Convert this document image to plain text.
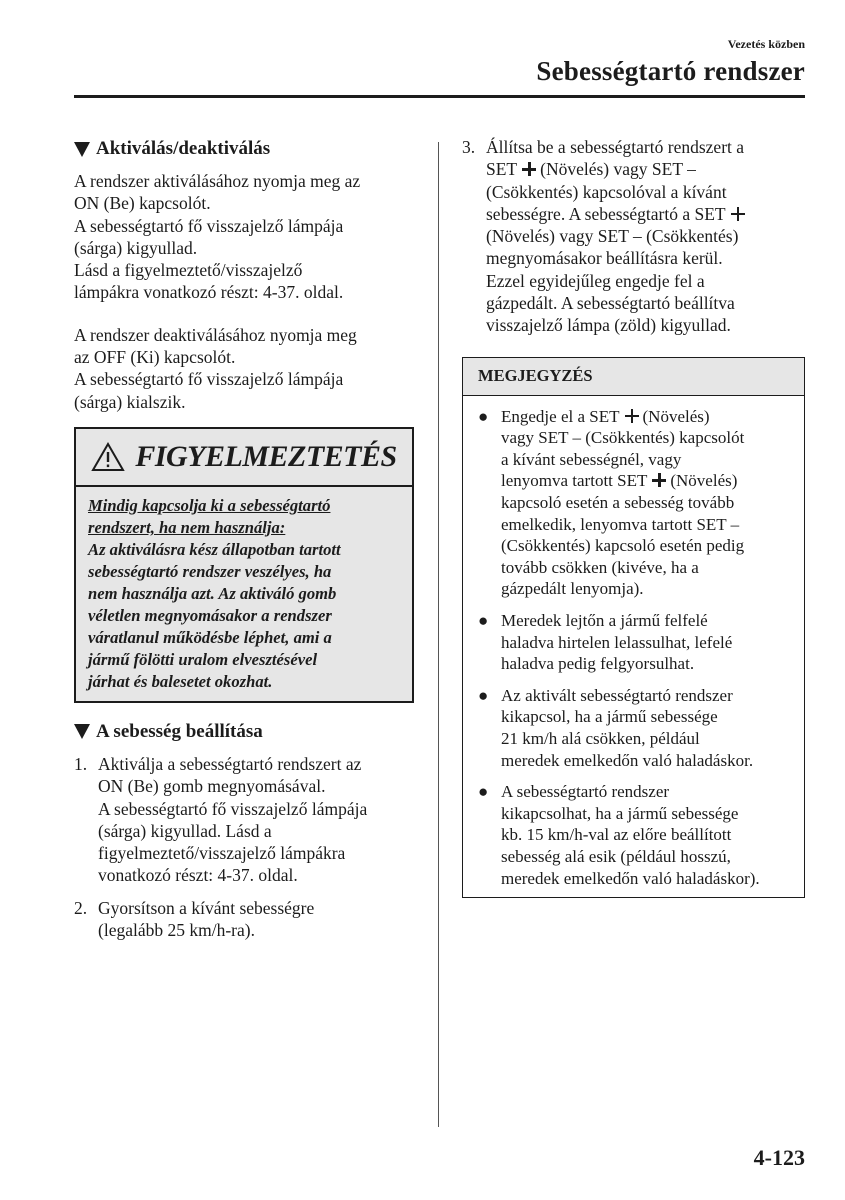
Vezetés közben
Sebességtartó rendszer
Aktiválás/deaktiválás
A rendszer aktiválásához nyomja meg az
ON (Be) kapcsolót.
A sebességtartó fő visszajelző lámpája
(sárga) kigyullad.
Lásd a figyelmeztető/visszajelző
lámpákra vonatkozó részt: 4-37. oldal.
A rendszer deaktiválásához nyomja meg
az OFF (Ki) kapcsolót.
A sebességtartó fő visszajelző lámpája
(sárga) kialszik.
FIGYELMEZTETÉS
Mindig kapcsolja ki a sebességtartó
rendszert, ha nem használja:
Az aktiválásra kész állapotban tartott
sebességtartó rendszer veszélyes, ha
nem használja azt. Az aktiváló gomb
véletlen megnyomásakor a rendszer
váratlanul működésbe léphet, ami a
jármű fölötti uralom elvesztésével
járhat és balesetet okozhat.
A sebesség beállítása
1. Aktiválja a sebességtartó rendszert az
ON (Be) gomb megnyomásával.
A sebességtartó fő visszajelző lámpája
(sárga) kigyullad. Lásd a
figyelmeztető/visszajelző lámpákra
vonatkozó részt: 4-37. oldal.
2. Gyorsítson a kívánt sebességre
(legalább 25 km/h-ra).
3. Állítsa be a sebességtartó rendszert a
SET (Növelés) vagy SET –
(Csökkentés) kapcsolóval a kívánt
sebességre. A sebességtartó a SET
(Növelés) vagy SET – (Csökkentés)
megnyomásakor beállításra kerül.
Ezzel egyidejűleg engedje fel a
gázpedált. A sebességtartó beállítva
visszajelző lámpa (zöld) kigyullad.
MEGJEGYZÉS
● Engedje el a SET (Növelés)
vagy SET – (Csökkentés) kapcsolót
a kívánt sebességnél, vagy
lenyomva tartott SET (Növelés)
kapcsoló esetén a sebesség tovább
emelkedik, lenyomva tartott SET –
(Csökkentés) kapcsoló esetén pedig
tovább csökken (kivéve, ha a
gázpedált lenyomja).
● Meredek lejtőn a jármű felfelé
haladva hirtelen lelassulhat, lefelé
haladva pedig felgyorsulhat.
● Az aktivált sebességtartó rendszer
kikapcsol, ha a jármű sebessége
21 km/h alá csökken, például
meredek emelkedőn való haladáskor.
● A sebességtartó rendszer
kikapcsolhat, ha a jármű sebessége
kb. 15 km/h-val az előre beállított
sebesség alá esik (például hosszú,
meredek emelkedőn való haladáskor).
4-123
